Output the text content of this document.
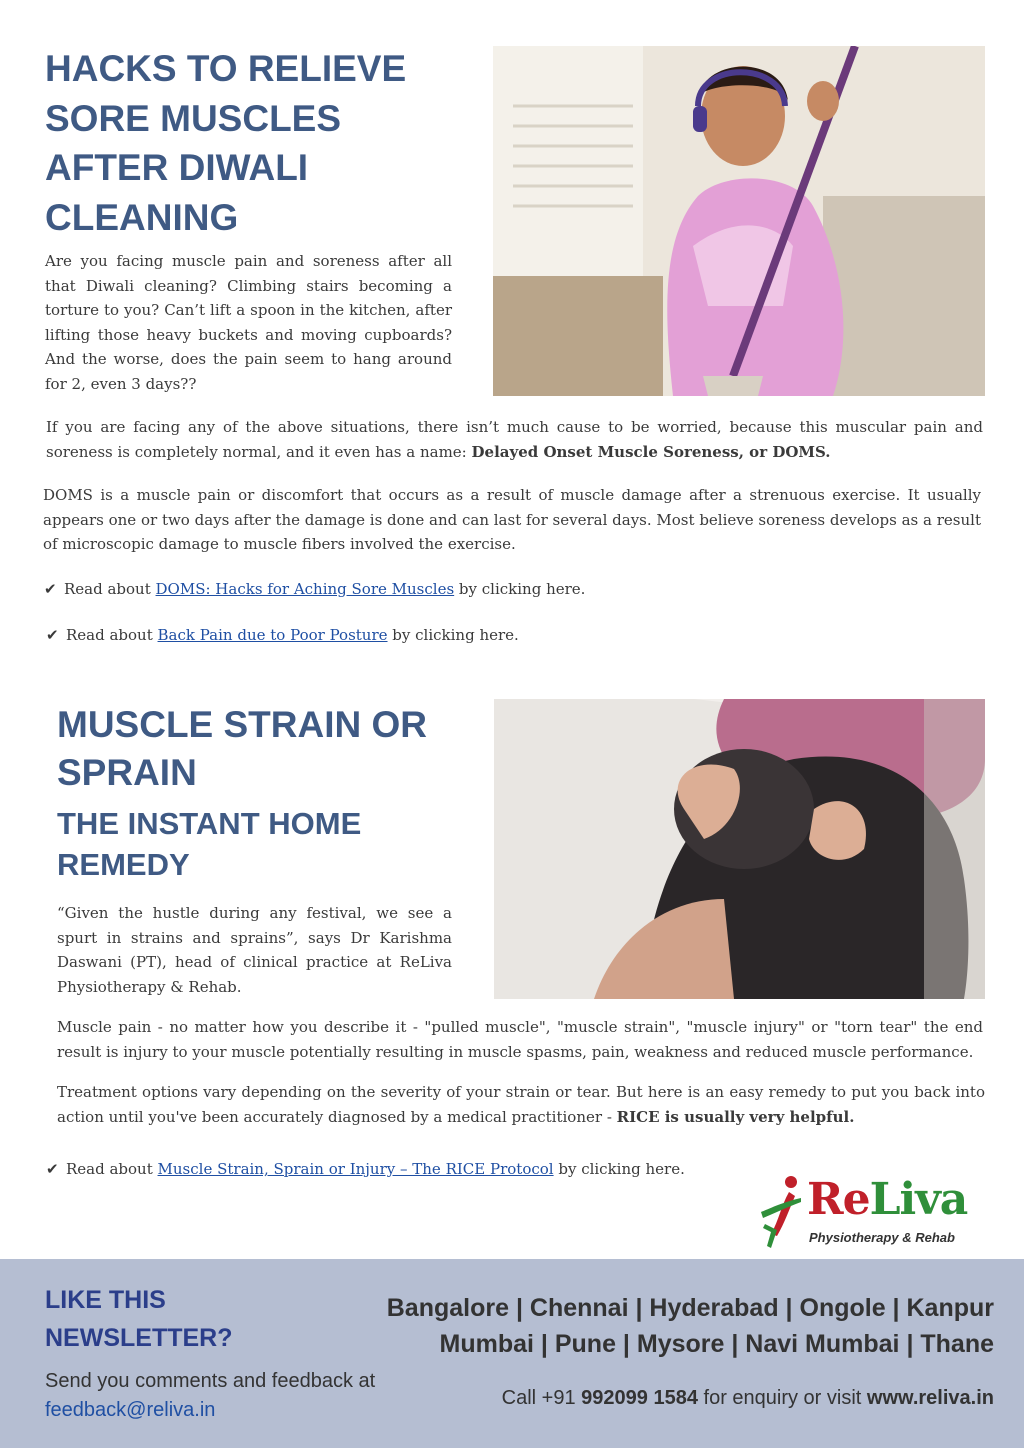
HACKS TO RELIEVE SORE MUSCLES AFTER DIWALI CLEANING

Are you facing muscle pain and soreness after all that Diwali cleaning? Climbing stairs becoming a torture to you? Can’t lift a spoon in the kitchen, after lifting those heavy buckets and moving cupboards? And the worse, does the pain seem to hang around for 2, even 3 days??

If you are facing any of the above situations, there isn’t much cause to be worried, because this muscular pain and soreness is completely normal, and it even has a name: Delayed Onset Muscle Soreness, or DOMS.

DOMS is a muscle pain or discomfort that occurs as a result of muscle damage after a strenuous exercise. It usually appears one or two days after the damage is done and can last for several days. Most believe soreness develops as a result of microscopic damage to muscle fibers involved the exercise.

✔ Read about DOMS: Hacks for Aching Sore Muscles by clicking here.
✔ Read about Back Pain due to Poor Posture by clicking here.
MUSCLE STRAIN OR SPRAIN
THE INSTANT HOME REMEDY

“Given the hustle during any festival, we see a spurt in strains and sprains”, says Dr Karishma Daswani (PT), head of clinical practice at ReLiva Physiotherapy & Rehab.

Muscle pain - no matter how you describe it - "pulled muscle", "muscle strain", "muscle injury" or "torn tear" the end result is injury to your muscle potentially resulting in muscle spasms, pain, weakness and reduced muscle performance.

Treatment options vary depending on the severity of your strain or tear. But here is an easy remedy to put you back into action until you've been accurately diagnosed by a medical practitioner - RICE is usually very helpful.

✔ Read about Muscle Strain, Sprain or Injury – The RICE Protocol by clicking here.
ReLiva
Physiotherapy & Rehab
LIKE THIS NEWSLETTER?
Send you comments and feedback at
feedback@reliva.in
Bangalore | Chennai | Hyderabad | Ongole | Kanpur
Mumbai | Pune | Mysore | Navi Mumbai | Thane
Call +91 992099 1584 for enquiry or visit www.reliva.in
